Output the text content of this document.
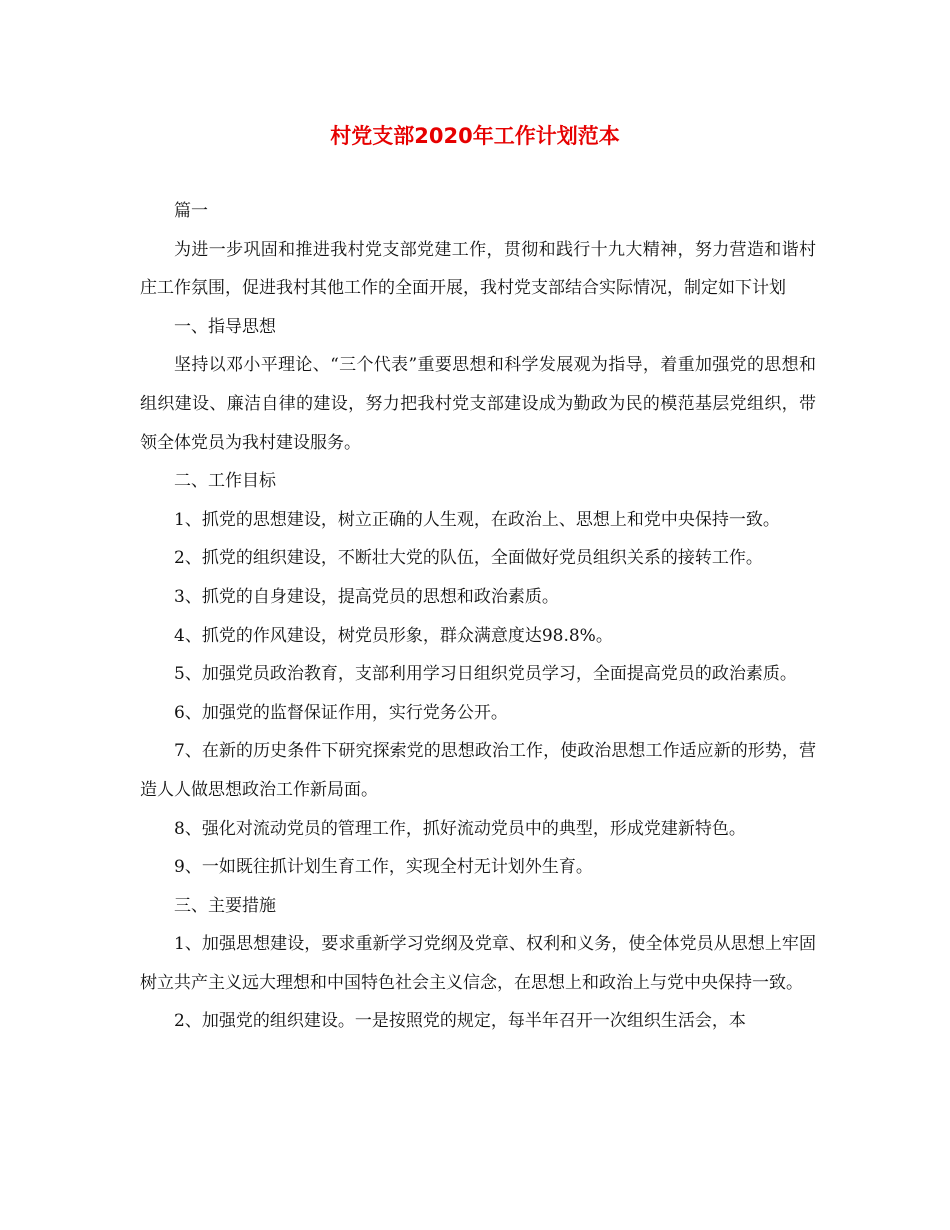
村党支部2020年工作计划范本

篇一

为进一步巩固和推进我村党支部党建工作，贯彻和践行十九大精神，努力营造和谐村庄工作氛围，促进我村其他工作的全面开展，我村党支部结合实际情况，制定如下计划

一、指导思想

坚持以邓小平理论、“三个代表”重要思想和科学发展观为指导，着重加强党的思想和组织建设、廉洁自律的建设，努力把我村党支部建设成为勤政为民的模范基层党组织，带领全体党员为我村建设服务。

二、工作目标

1、抓党的思想建设，树立正确的人生观，在政治上、思想上和党中央保持一致。

2、抓党的组织建设，不断壮大党的队伍，全面做好党员组织关系的接转工作。

3、抓党的自身建设，提高党员的思想和政治素质。

4、抓党的作风建设，树党员形象，群众满意度达98.8%。

5、加强党员政治教育，支部利用学习日组织党员学习，全面提高党员的政治素质。

6、加强党的监督保证作用，实行党务公开。

7、在新的历史条件下研究探索党的思想政治工作，使政治思想工作适应新的形势，营造人人做思想政治工作新局面。

8、强化对流动党员的管理工作，抓好流动党员中的典型，形成党建新特色。

9、一如既往抓计划生育工作，实现全村无计划外生育。

三、主要措施

1、加强思想建设，要求重新学习党纲及党章、权利和义务，使全体党员从思想上牢固树立共产主义远大理想和中国特色社会主义信念，在思想上和政治上与党中央保持一致。

2、加强党的组织建设。一是按照党的规定，每半年召开一次组织生活会，本
